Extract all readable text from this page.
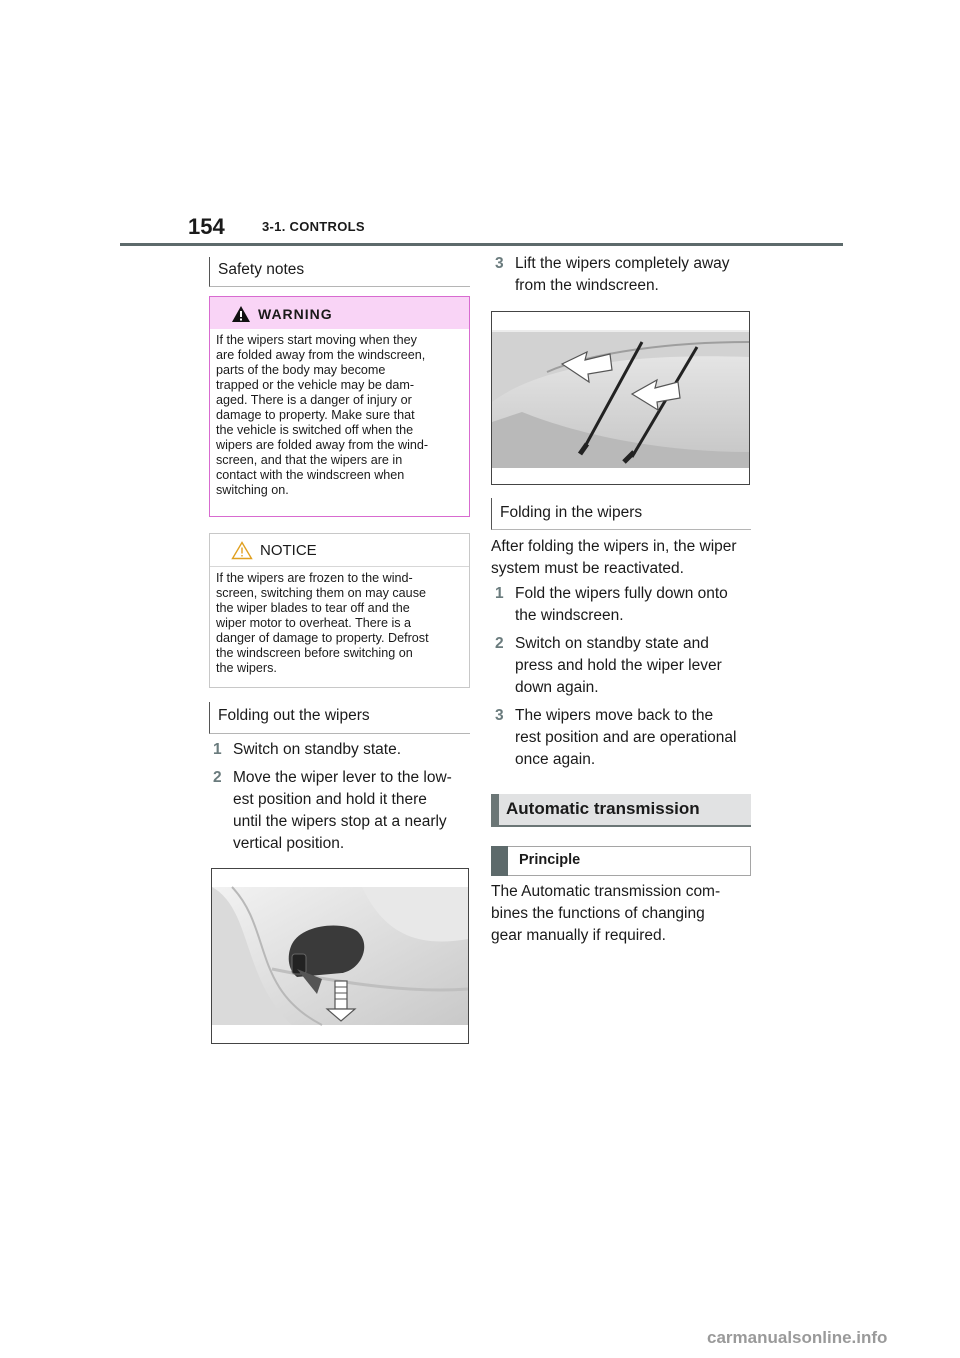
154	3-1. CONTROLS
Safety notes
WARNING
If the wipers start moving when they
are folded away from the windscreen,
parts of the body may become
trapped or the vehicle may be dam-
aged. There is a danger of injury or
damage to property. Make sure that
the vehicle is switched off when the
wipers are folded away from the wind-
screen, and that the wipers are in
contact with the windscreen when
switching on.
NOTICE
If the wipers are frozen to the wind-
screen, switching them on may cause
the wiper blades to tear off and the
wiper motor to overheat. There is a
danger of damage to property. Defrost
the windscreen before switching on
the wipers.
Folding out the wipers
1 Switch on standby state.
2 Move the wiper lever to the low-
est position and hold it there
until the wipers stop at a nearly
vertical position.
3 Lift the wipers completely away
from the windscreen.
Folding in the wipers
After folding the wipers in, the wiper
system must be reactivated.
1 Fold the wipers fully down onto
the windscreen.
2 Switch on standby state and
press and hold the wiper lever
down again.
3 The wipers move back to the
rest position and are operational
once again.
Automatic transmission
Principle
The Automatic transmission com-
bines the functions of changing
gear manually if required.
carmanualsonline.info
